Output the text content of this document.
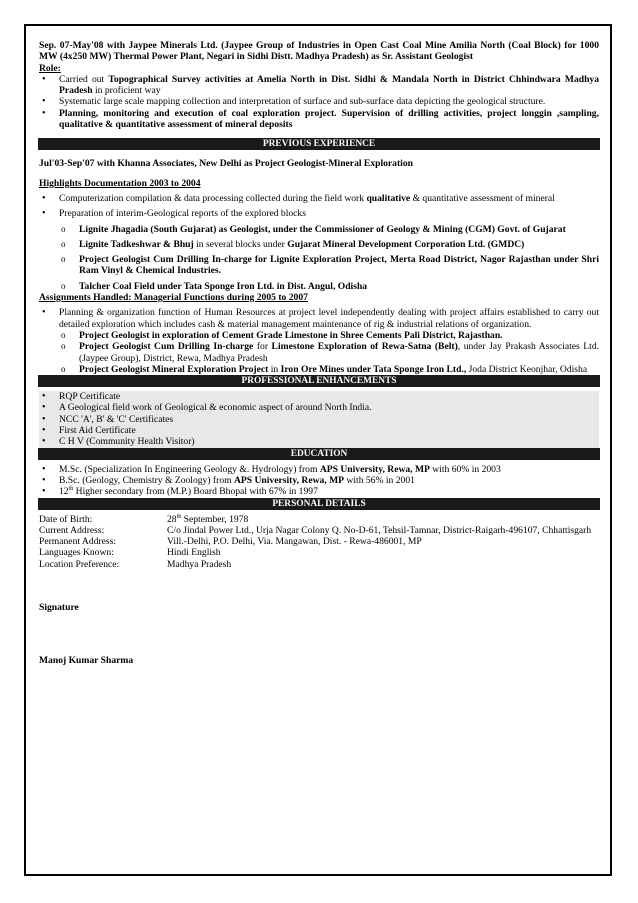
Sep. 07-May'08 with Jaypee Minerals Ltd. (Jaypee Group of Industries in Open Cast Coal Mine Amilia North (Coal Block) for 1000 MW (4x250 MW) Thermal Power Plant, Negari in Sidhi Distt. Madhya Pradesh) as Sr. Assistant Geologist

Role:

• Carried out Topographical Survey activities at Amelia North in Dist. Sidhi & Mandala North in District Chhindwara Madhya Pradesh in proficient way
• Systematic large scale mapping collection and interpretation of surface and sub-surface data depicting the geological structure.
• Planning, monitoring and execution of coal exploration project. Supervision of drilling activities, project longgin ,sampling, qualitative & quantitative assessment of mineral deposits
PREVIOUS EXPERIENCE

Jul'03-Sep'07 with Khanna Associates, New Delhi as Project Geologist-Mineral Exploration

Highlights Documentation 2003 to 2004

• Computerization compilation & data processing collected during the field work qualitative & quantitative assessment of mineral
• Preparation of interim-Geological reports of the explored blocks
o Lignite Jhagadia (South Gujarat) as Geologist, under the Commissioner of Geology & Mining (CGM) Govt. of Gujarat
o Lignite Tadkeshwar & Bhuj in several blocks under Gujarat Mineral Development Corporation Ltd. (GMDC)
o Project Geologist Cum Drilling In-charge for Lignite Exploration Project, Merta Road District, Nagor Rajasthan under Shri Ram Vinyl & Chemical Industries.
o Talcher Coal Field under Tata Sponge Iron Ltd. in Dist. Angul, Odisha

Assignments Handled: Managerial Functions during 2005 to 2007

• Planning & organization function of Human Resources at project level independently dealing with project affairs established to carry out detailed exploration which includes cash & material management maintenance of rig & industrial relations of organization.
o Project Geologist in exploration of Cement Grade Limestone in Shree Cements Pali District, Rajasthan.
o Project Geologist Cum Drilling In-charge for Limestone Exploration of Rewa-Satna (Belt), under Jay Prakash Associates Ltd. (Jaypee Group), District, Rewa, Madhya Pradesh
o Project Geologist Mineral Exploration Project in Iron Ore Mines under Tata Sponge Iron Ltd., Joda District Keonjhar, Odisha
PROFESSIONAL ENHANCEMENTS
• RQP Certificate
• A Geological field work of Geological & economic aspect of around North India.
• NCC 'A', B' & 'C' Certificates
• First Aid Certificate
• C H V (Community Health Visitor)
EDUCATION
• M.Sc. (Specialization In Engineering Geology &. Hydrology) from APS University, Rewa, MP with 60% in 2003
• B.Sc. (Geology, Chemistry & Zoology) from APS University, Rewa, MP with 56% in 2001
• 12th Higher secondary from (M.P.) Board Bhopal with 67% in 1997
PERSONAL DETAILS
Date of Birth:	28th September, 1978
Current Address:	C/o Jindal Power Ltd., Urja Nagar Colony Q. No-D-61, Tehsil-Tamnar, District-Raigarh-496107, Chhattisgarh
Permanent Address:	Vill.-Delhi, P.O. Delhi, Via. Mangawan, Dist. - Rewa-486001, MP
Languages Known:	Hindi English
Location Preference:	Madhya Pradesh

Signature

Manoj Kumar Sharma
